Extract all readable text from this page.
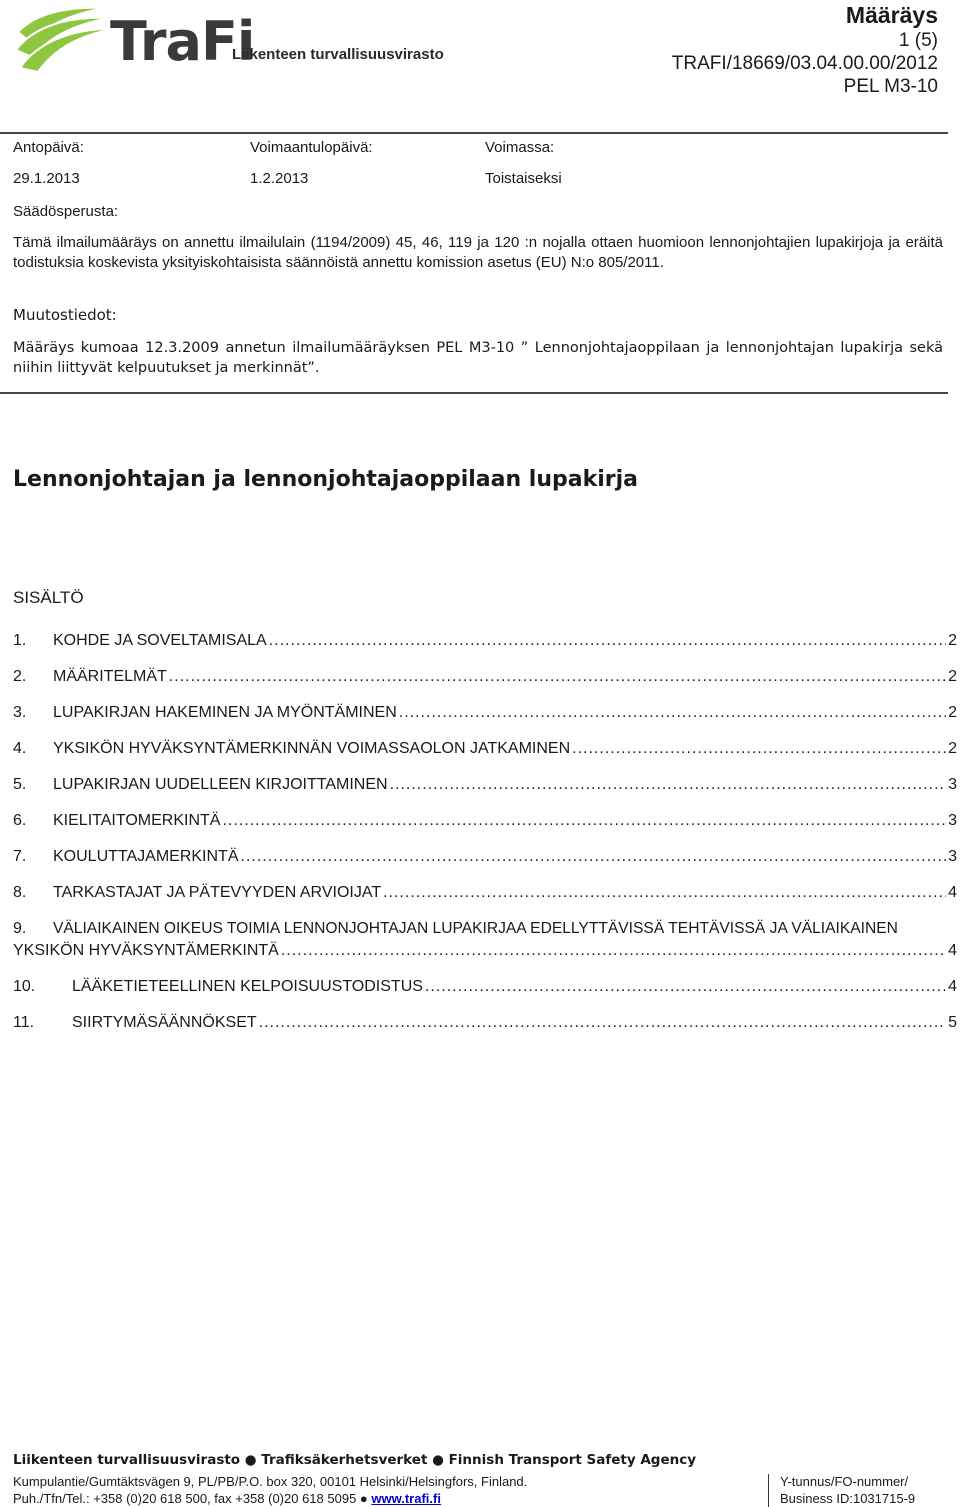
TraFi
Liikenteen turvallisuusvirasto
Määräys
1 (5)
TRAFI/18669/03.04.00.00/2012
PEL M3-10
Antopäivä:	Voimaantulopäivä:	Voimassa:
29.1.2013	1.2.2013	Toistaiseksi
Säädösperusta:
Tämä ilmailumääräys on annettu ilmailulain (1194/2009) 45, 46, 119 ja 120 :n nojalla ottaen huomioon lennonjohtajien lupakirjoja ja eräitä todistuksia koskevista yksityiskohtaisista säännöistä annettu komission asetus (EU) N:o 805/2011.
Muutostiedot:
Määräys kumoaa 12.3.2009 annetun ilmailumääräyksen PEL M3-10 ” Lennonjohtajaoppilaan ja lennonjohtajan lupakirja sekä niihin liittyvät kelpuutukset ja merkinnät”.
Lennonjohtajan ja lennonjohtajaoppilaan lupakirja
SISÄLTÖ
1.	KOHDE JA SOVELTAMISALA .....	2
2.	MÄÄRITELMÄT .....	2
3.	LUPAKIRJAN HAKEMINEN JA MYÖNTÄMINEN .....	2
4.	YKSIKÖN HYVÄKSYNTÄMERKINNÄN VOIMASSAOLON JATKAMINEN .....	2
5.	LUPAKIRJAN UUDELLEEN KIRJOITTAMINEN .....	3
6.	KIELITAITOMERKINTÄ .....	3
7.	KOULUTTAJAMERKINTÄ .....	3
8.	TARKASTAJAT JA PÄTEVYYDEN ARVIOIJAT .....	4
9.	VÄLIAIKAINEN OIKEUS TOIMIA LENNONJOHTAJAN LUPAKIRJAA EDELLYTTÄVISSÄ TEHTÄVISSÄ JA VÄLIAIKAINEN
YKSIKÖN HYVÄKSYNTÄMERKINTÄ .....	4
10.	LÄÄKETIETEELLINEN KELPOISUUSTODISTUS .....	4
11.	SIIRTYMÄSÄÄNNÖKSET .....	5
Liikenteen turvallisuusvirasto ● Trafiksäkerhetsverket ● Finnish Transport Safety Agency
Kumpulantie/Gumtäktsvägen 9, PL/PB/P.O. box 320, 00101 Helsinki/Helsingfors, Finland.
Puh./Tfn/Tel.: +358 (0)20 618 500, fax +358 (0)20 618 5095 ● www.trafi.fi
Y-tunnus/FO-nummer/
Business ID:1031715-9
